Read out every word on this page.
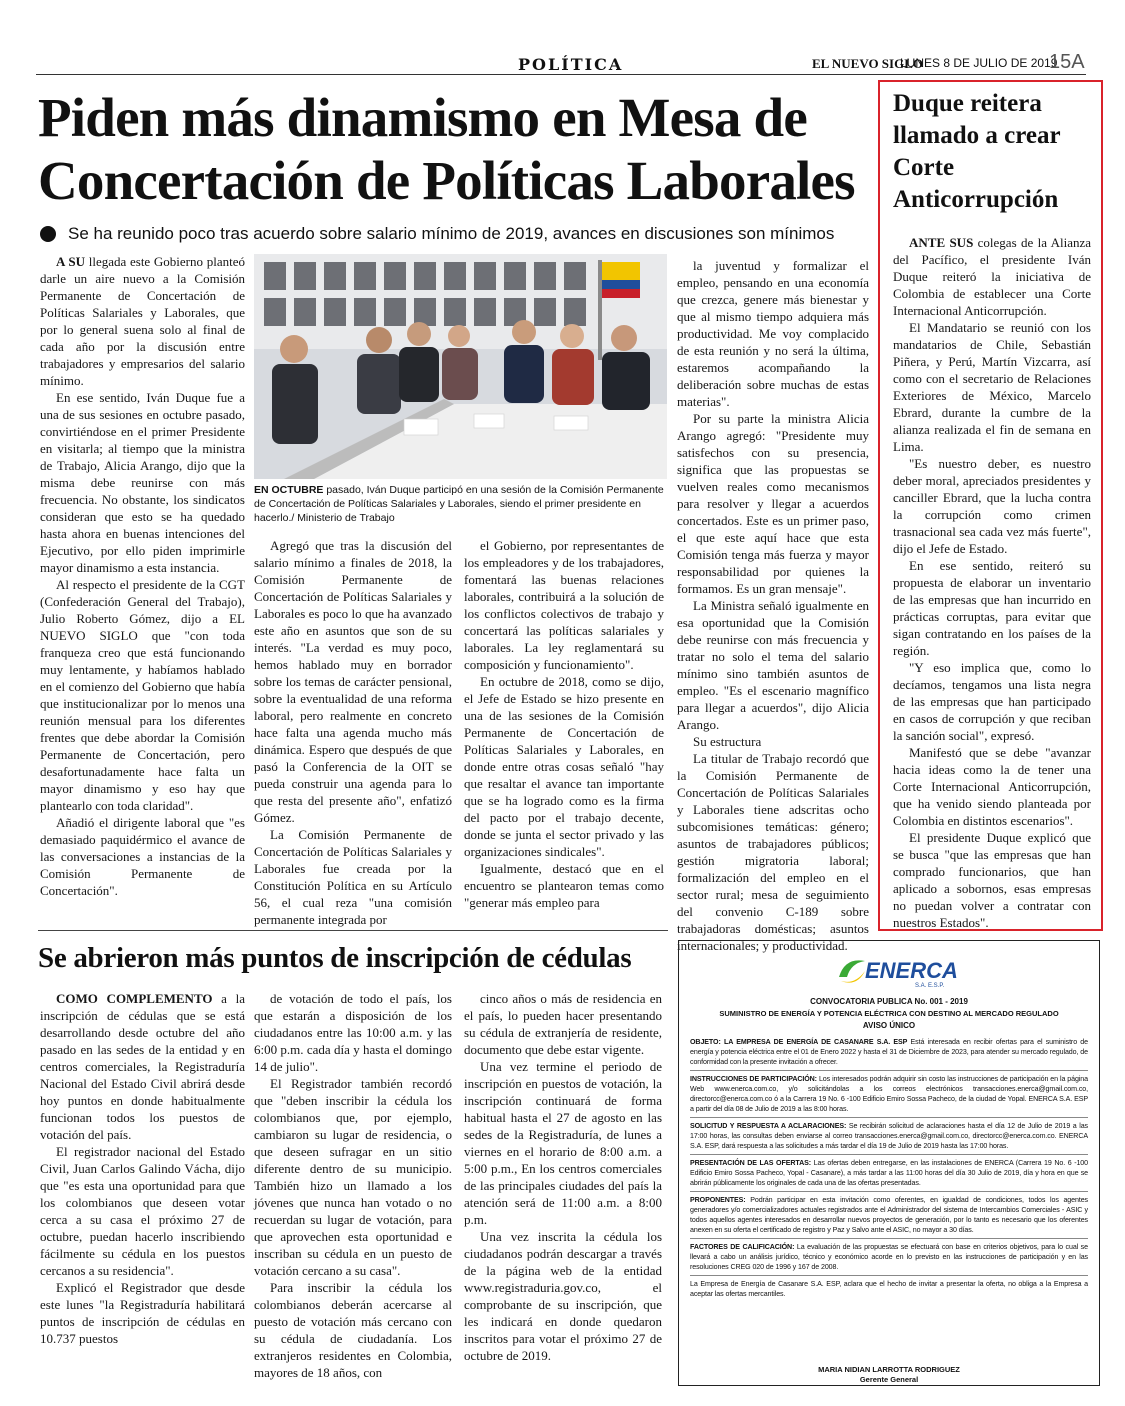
POLÍTICA	EL NUEVO SIGLO
LUNES 8 DE JULIO DE 2019
15A
Piden más dinamismo en Mesa de Concertación de Políticas Laborales
Se ha reunido poco tras acuerdo sobre salario mínimo de 2019, avances en discusiones son mínimos

A SU llegada este Gobierno planteó darle un aire nuevo a la Comisión Permanente de Concertación de Políticas Salariales y Laborales, que por lo general suena solo al final de cada año por la discusión entre trabajadores y empresarios del salario mínimo.

En ese sentido, Iván Duque fue a una de sus sesiones en octubre pasado, convirtiéndose en el primer Presidente en visitarla; al tiempo que la ministra de Trabajo, Alicia Arango, dijo que la misma debe reunirse con más frecuencia. No obstante, los sindicatos consideran que esto se ha quedado hasta ahora en buenas intenciones del Ejecutivo, por ello piden imprimirle mayor dinamismo a esta instancia.

Al respecto el presidente de la CGT (Confederación General del Trabajo), Julio Roberto Gómez, dijo a EL NUEVO SIGLO que "con toda franqueza creo que está funcionando muy lentamente, y habíamos hablado en el comienzo del Gobierno que había que institucionalizar por lo menos una reunión mensual para los diferentes frentes que debe abordar la Comisión Permanente de Concertación, pero desafortunadamente hace falta un mayor dinamismo y eso hay que plantearlo con toda claridad".

Añadió el dirigente laboral que "es demasiado paquidérmico el avance de las conversaciones a instancias de la Comisión Permanente de Concertación".

EN OCTUBRE pasado, Iván Duque participó en una sesión de la Comisión Permanente de Concertación de Políticas Salariales y Laborales, siendo el primer presidente en hacerlo./ Ministerio de Trabajo

Agregó que tras la discusión del salario mínimo a finales de 2018, la Comisión Permanente de Concertación de Políticas Salariales y Laborales es poco lo que ha avanzado este año en asuntos que son de su interés. "La verdad es muy poco, hemos hablado muy en borrador sobre los temas de carácter pensional, sobre la eventualidad de una reforma laboral, pero realmente en concreto hace falta una agenda mucho más dinámica. Espero que después de que pasó la Conferencia de la OIT se pueda construir una agenda para lo que resta del presente año", enfatizó Gómez.

La Comisión Permanente de Concertación de Políticas Salariales y Laborales fue creada por la Constitución Política en su Artículo 56, el cual reza "una comisión permanente integrada por

el Gobierno, por representantes de los empleadores y de los trabajadores, fomentará las buenas relaciones laborales, contribuirá a la solución de los conflictos colectivos de trabajo y concertará las políticas salariales y laborales. La ley reglamentará su composición y funcionamiento".

En octubre de 2018, como se dijo, el Jefe de Estado se hizo presente en una de las sesiones de la Comisión Permanente de Concertación de Políticas Salariales y Laborales, en donde entre otras cosas señaló "hay que resaltar el avance tan importante que se ha logrado como es la firma del pacto por el trabajo decente, donde se junta el sector privado y las organizaciones sindicales".

Igualmente, destacó que en el encuentro se plantearon temas como "generar más empleo para

la juventud y formalizar el empleo, pensando en una economía que crezca, genere más bienestar y que al mismo tiempo adquiera más productividad. Me voy complacido de esta reunión y no será la última, estaremos acompañando la deliberación sobre muchas de estas materias".

Por su parte la ministra Alicia Arango agregó: "Presidente muy satisfechos con su presencia, significa que las propuestas se vuelven reales como mecanismos para resolver y llegar a acuerdos concertados. Este es un primer paso, el que este aquí hace que esta Comisión tenga más fuerza y mayor responsabilidad por quienes la formamos. Es un gran mensaje".

La Ministra señaló igualmente en esa oportunidad que la Comisión debe reunirse con más frecuencia y tratar no solo el tema del salario mínimo sino también asuntos de empleo. "Es el escenario magnífico para llegar a acuerdos", dijo Alicia Arango.

Su estructura

La titular de Trabajo recordó que la Comisión Permanente de Concertación de Políticas Salariales y Laborales tiene adscritas ocho subcomisiones temáticas: género; asuntos de trabajadores públicos; gestión migratoria laboral; formalización del empleo en el sector rural; mesa de seguimiento del convenio C-189 sobre trabajadoras domésticas; asuntos internacionales; y productividad.

Duque reitera llamado a crear Corte Anticorrupción

ANTE SUS colegas de la Alianza del Pacífico, el presidente Iván Duque reiteró la iniciativa de Colombia de establecer una Corte Internacional Anticorrupción.

El Mandatario se reunió con los mandatarios de Chile, Sebastián Piñera, y Perú, Martín Vizcarra, así como con el secretario de Relaciones Exteriores de México, Marcelo Ebrard, durante la cumbre de la alianza realizada el fin de semana en Lima.

"Es nuestro deber, es nuestro deber moral, apreciados presidentes y canciller Ebrard, que la lucha contra la corrupción como crimen trasnacional sea cada vez más fuerte", dijo el Jefe de Estado.

En ese sentido, reiteró su propuesta de elaborar un inventario de las empresas que han incurrido en prácticas corruptas, para evitar que sigan contratando en los países de la región.

"Y eso implica que, como lo decíamos, tengamos una lista negra de las empresas que han participado en casos de corrupción y que reciban la sanción social", expresó.

Manifestó que se debe "avanzar hacia ideas como la de tener una Corte Internacional Anticorrupción, que ha venido siendo planteada por Colombia en distintos escenarios".

El presidente Duque explicó que se busca "que las empresas que han comprado funcionarios, que han aplicado a sobornos, esas empresas no puedan volver a contratar con nuestros Estados".

Se abrieron más puntos de inscripción de cédulas

COMO COMPLEMENTO a la inscripción de cédulas que se está desarrollando desde octubre del año pasado en las sedes de la entidad y en centros comerciales, la Registraduría Nacional del Estado Civil abrirá desde hoy puntos en donde habitualmente funcionan todos los puestos de votación del país.

El registrador nacional del Estado Civil, Juan Carlos Galindo Vácha, dijo que "es esta una oportunidad para que los colombianos que deseen votar cerca a su casa el próximo 27 de octubre, puedan hacerlo inscribiendo fácilmente su cédula en los puestos cercanos a su residencia".

Explicó el Registrador que desde este lunes "la Registraduría habilitará puntos de inscripción de cédulas en 10.737 puestos

de votación de todo el país, los que estarán a disposición de los ciudadanos entre las 10:00 a.m. y las 6:00 p.m. cada día y hasta el domingo 14 de julio".

El Registrador también recordó que "deben inscribir la cédula los colombianos que, por ejemplo, cambiaron su lugar de residencia, o que deseen sufragar en un sitio diferente dentro de su municipio. También hizo un llamado a los jóvenes que nunca han votado o no recuerdan su lugar de votación, para que aprovechen esta oportunidad e inscriban su cédula en un puesto de votación cercano a su casa".

Para inscribir la cédula los colombianos deberán acercarse al puesto de votación más cercano con su cédula de ciudadanía. Los extranjeros residentes en Colombia, mayores de 18 años, con

cinco años o más de residencia en el país, lo pueden hacer presentando su cédula de extranjería de residente, documento que debe estar vigente.

Una vez termine el periodo de inscripción en puestos de votación, la inscripción continuará de forma habitual hasta el 27 de agosto en las sedes de la Registraduría, de lunes a viernes en el horario de 8:00 a.m. a 5:00 p.m., En los centros comerciales de las principales ciudades del país la atención será de 11:00 a.m. a 8:00 p.m.

Una vez inscrita la cédula los ciudadanos podrán descargar a través de la página web de la entidad www.registraduria.gov.co, el comprobante de su inscripción, que les indicará en donde quedaron inscritos para votar el próximo 27 de octubre de 2019.

ENERCA
S.A. E.S.P.
CONVOCATORIA PUBLICA No. 001 - 2019
SUMINISTRO DE ENERGÍA Y POTENCIA ELÉCTRICA CON DESTINO AL MERCADO REGULADO
AVISO ÚNICO

OBJETO: LA EMPRESA DE ENERGÍA DE CASANARE S.A. ESP Está interesada en recibir ofertas para el suministro de energía y potencia eléctrica entre el 01 de Enero 2022 y hasta el 31 de Diciembre de 2023, para atender su mercado regulado, de conformidad con la presente invitación a ofrecer.

INSTRUCCIONES DE PARTICIPACIÓN: Los interesados podrán adquirir sin costo las instrucciones de participación en la página Web www.enerca.com.co, y/o solicitándolas a los correos electrónicos transacciones.enerca@gmail.com.co, directorcc@enerca.com.co ó a la Carrera 19 No. 6 -100 Edificio Emiro Sossa Pacheco, de la ciudad de Yopal. ENERCA S.A. ESP a partir del día 08 de Julio de 2019 a las 8:00 horas.

SOLICITUD Y RESPUESTA A ACLARACIONES: Se recibirán solicitud de aclaraciones hasta el día 12 de Julio de 2019 a las 17:00 horas, las consultas deben enviarse al correo transacciones.enerca@gmail.com.co, directorcc@enerca.com.co. ENERCA S.A. ESP, dará respuesta a las solicitudes a más tardar el día 19 de Julio de 2019 hasta las 17:00 horas.

PRESENTACIÓN DE LAS OFERTAS: Las ofertas deben entregarse, en las instalaciones de ENERCA (Carrera 19 No. 6 -100 Edificio Emiro Sossa Pacheco, Yopal - Casanare), a más tardar a las 11:00 horas del día 30 Julio de 2019, día y hora en que se abrirán públicamente los originales de cada una de las ofertas presentadas.

PROPONENTES: Podrán participar en esta invitación como oferentes, en igualdad de condiciones, todos los agentes generadores y/o comercializadores actuales registrados ante el Administrador del sistema de Intercambios Comerciales - ASIC y todos aquellos agentes interesados en desarrollar nuevos proyectos de generación, por lo tanto es necesario que los oferentes anexen en su oferta el certificado de registro y Paz y Salvo ante el ASIC, no mayor a 30 días.

FACTORES DE CALIFICACIÓN: La evaluación de las propuestas se efectuará con base en criterios objetivos, para lo cual se llevará a cabo un análisis jurídico, técnico y económico acorde en lo previsto en las instrucciones de participación y en las resoluciones CREG 020 de 1996 y 167 de 2008.

La Empresa de Energía de Casanare S.A. ESP, aclara que el hecho de invitar a presentar la oferta, no obliga a la Empresa a aceptar las ofertas mercantiles.

MARIA NIDIAN LARROTTA RODRIGUEZ
Gerente General
